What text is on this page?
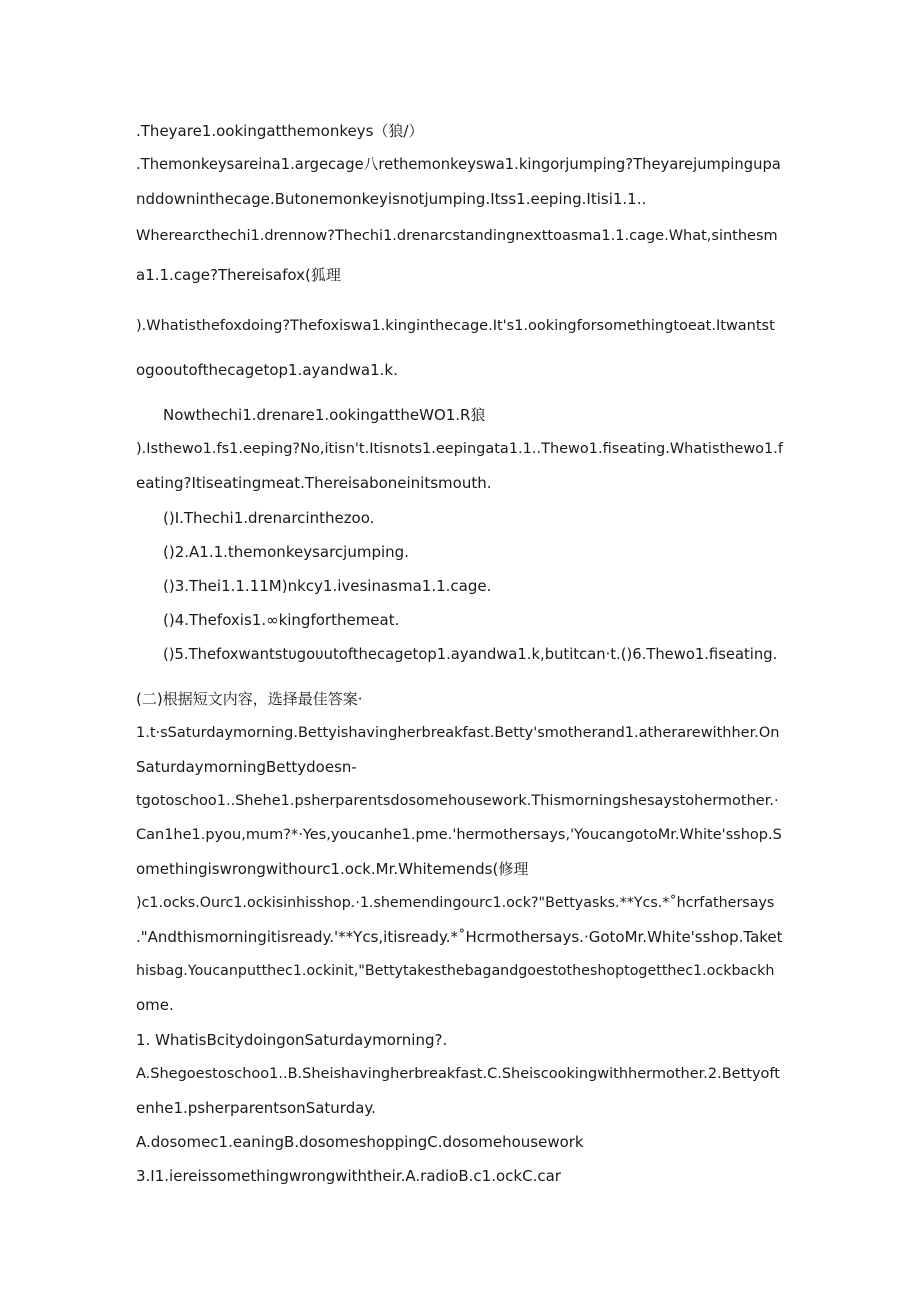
.Theyare1.ookingatthemonkeys（狼/）
.Themonkeysareina1.argecage八rethemonkeyswa1.kingorjumping?Theyarejumpingupa
nddowninthecage.Butonemonkeyisnotjumping.Itss1.eeping.Itisi1.1..
Wherearcthechi1.drennow?Thechi1.drenarcstandingnexttoasma1.1.cage.What,sinthesm
a1.1.cage?Thereisafox(狐理
).Whatisthefoxdoing?Thefoxiswa1.kinginthecage.It's1.ookingforsomethingtoeat.Itwantst
ogooutofthecagetop1.ayandwa1.k.
Nowthechi1.drenare1.ookingattheWO1.R狼
).Isthewo1.fs1.eeping?No,itisn't.Itisnots1.eepingata1.1..Thewo1.fiseating.Whatisthewo1.f
eating?Itiseatingmeat.Thereisaboneinitsmouth.
()I.Thechi1.drenarcinthezoo.
()2.A1.1.themonkeysarcjumping.
()3.Thei1.1.11M)nkcy1.ivesinasma1.1.cage.
()4.Thefoxis1.∞kingforthemeat.
()5.Thefoxwantstυgoυutofthecagetop1.ayandwa1.k,butitcan·t.()6.Thewo1.fiseating.
(二)根据短文内容，选择最佳答案·
1.t·sSaturdaymorning.Bettyishavingherbreakfast.Betty'smotherand1.atherarewithher.On
SaturdaymorningBettydoesn-
tgotoschoo1..Shehe1.psherparentsdosomehousework.Thismorningshesaystohermother.·
Can1he1.pyou,mum?*·Yes,youcanhe1.pme.'hermothersays,'YoucangotoMr.White'sshop.S
omethingiswrongwithourc1.ock.Mr.Whitemends(修理
)c1.ocks.Ourc1.ockisinhisshop.·1.shemendingourc1.ock?"Bettyasks.**Ycs.*˚hcrfathersays
."Andthismorningitisready.'**Ycs,itisready.*˚Hcrmothersays.·GotoMr.White'sshop.Taket
hisbag.Youcanputthec1.ockinit,"Bettytakesthebagandgoestotheshoptogetthec1.ockbackh
ome.
1. WhatisBcitydoingonSaturdaymorning?.
A.Shegoestoschoo1..B.Sheishavingherbreakfast.C.Sheiscookingwithhermother.2.Bettyoft
enhe1.psherparentsonSaturday.
A.dosomec1.eaningB.dosomeshoppingC.dosomehousework
3.I1.iereissomethingwrongwiththeir.A.radioB.c1.ockC.car
